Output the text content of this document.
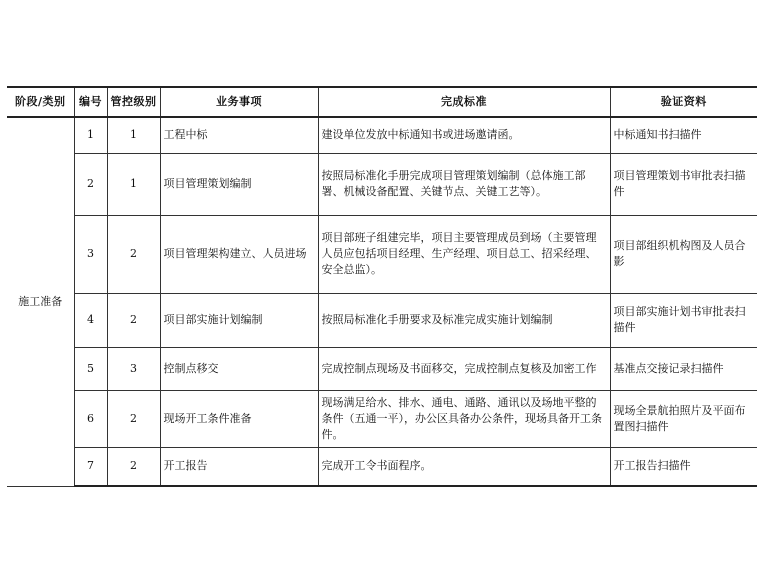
阶段/类别	编号	管控级别	业务事项	完成标准	验证资料
施工准备	1	1	工程中标	建设单位发放中标通知书或进场邀请函。	中标通知书扫描件
	2	1	项目管理策划编制	按照局标准化手册完成项目管理策划编制（总体施工部署、机械设备配置、关键节点、关键工艺等）。	项目管理策划书审批表扫描件
	3	2	项目管理架构建立、人员进场	项目部班子组建完毕，项目主要管理成员到场（主要管理人员应包括项目经理、生产经理、项目总工、招采经理、安全总监）。	项目部组织机构图及人员合影
	4	2	项目部实施计划编制	按照局标准化手册要求及标准完成实施计划编制	项目部实施计划书审批表扫描件
	5	3	控制点移交	完成控制点现场及书面移交，完成控制点复核及加密工作	基准点交接记录扫描件
	6	2	现场开工条件准备	现场满足给水、排水、通电、通路、通讯以及场地平整的条件（五通一平），办公区具备办公条件，现场具备开工条件。	现场全景航拍照片及平面布置图扫描件
	7	2	开工报告	完成开工令书面程序。	开工报告扫描件
